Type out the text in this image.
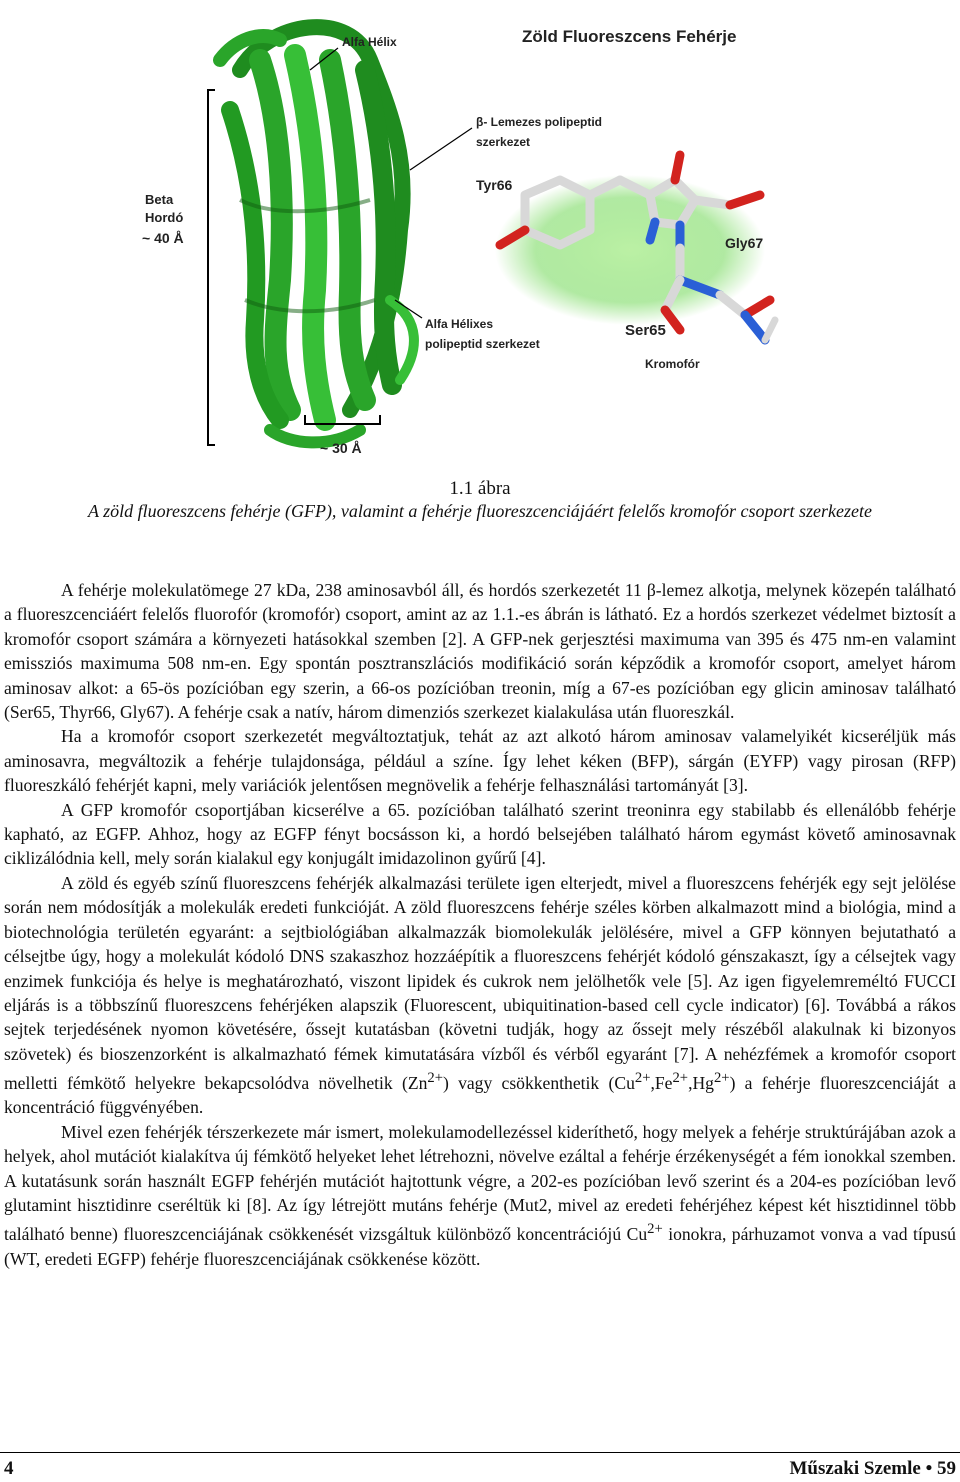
Zöld Fluoreszcens Fehérje
Alfa Hélix
β- Lemezes polipeptid
szerkezet
Beta
Hordó
~ 40 Å
Tyr66
Gly67
Ser65
Alfa Hélixes
polipeptid szerkezet
Kromofór
~ 30 Å
1.1 ábra
A zöld fluoreszcens fehérje (GFP), valamint a fehérje fluoreszcenciájáért felelős kromofór csoport szerkezete

A fehérje molekulatömege 27 kDa, 238 aminosavból áll, és hordós szerkezetét 11 β-lemez alkotja, melynek közepén található a fluoreszcenciáért felelős fluorofór (kromofór) csoport, amint az az 1.1.-es ábrán is látható. Ez a hordós szerkezet védelmet biztosít a kromofór csoport számára a környezeti hatásokkal szemben [2]. A GFP-nek gerjesztési maximuma van 395 és 475 nm-en valamint emissziós maximuma 508 nm-en. Egy spontán posztranszlációs modifikáció során képződik a kromofór csoport, amelyet három aminosav alkot: a 65-ös pozícióban egy szerin, a 66-os pozícióban treonin, míg a 67-es pozícióban egy glicin aminosav található (Ser65, Thyr66, Gly67). A fehérje csak a natív, három dimenziós szerkezet kialakulása után fluoreszkál.

Ha a kromofór csoport szerkezetét megváltoztatjuk, tehát az azt alkotó három aminosav valamelyikét kicseréljük más aminosavra, megváltozik a fehérje tulajdonsága, például a színe. Így lehet kéken (BFP), sárgán (EYFP) vagy pirosan (RFP) fluoreszkáló fehérjét kapni, mely variációk jelentősen megnövelik a fehérje felhasználási tartományát [3].

A GFP kromofór csoportjában kicserélve a 65. pozícióban található szerint treoninra egy stabilabb és ellenálóbb fehérje kapható, az EGFP. Ahhoz, hogy az EGFP fényt bocsásson ki, a hordó belsejében található három egymást követő aminosavnak ciklizálódnia kell, mely során kialakul egy konjugált imidazolinon gyűrű [4].

A zöld és egyéb színű fluoreszcens fehérjék alkalmazási területe igen elterjedt, mivel a fluoreszcens fehérjék egy sejt jelölése során nem módosítják a molekulák eredeti funkcióját. A zöld fluoreszcens fehérje széles körben alkalmazott mind a biológia, mind a biotechnológia területén egyaránt: a sejtbiológiában alkalmazzák biomolekulák jelölésére, mivel a GFP könnyen bejutatható a célsejtbe úgy, hogy a molekulát kódoló DNS szakaszhoz hozzáépítik a fluoreszcens fehérjét kódoló génszakaszt, így a célsejtek vagy enzimek funkciója és helye is meghatározható, viszont lipidek és cukrok nem jelölhetők vele [5]. Az igen figyelemreméltó FUCCI eljárás is a többszínű fluoreszcens fehérjéken alapszik (Fluorescent, ubiquitination-based cell cycle indicator) [6]. Továbbá a rákos sejtek terjedésének nyomon követésére, őssejt kutatásban (követni tudják, hogy az őssejt mely részéből alakulnak ki bizonyos szövetek) és bioszenzorként is alkalmazható fémek kimutatására vízből és vérből egyaránt [7]. A nehézfémek a kromofór csoport melletti fémkötő helyekre bekapcsolódva növelhetik $(Zn^{2+})$ vagy csökkenthetik $(Cu^{2+},Fe^{2+},Hg^{2+})$ a fehérje fluoreszcenciáját a koncentráció függvényében.

Mivel ezen fehérjék térszerkezete már ismert, molekulamodellezéssel kideríthető, hogy melyek a fehérje struktúrájában azok a helyek, ahol mutációt kialakítva új fémkötő helyeket lehet létrehozni, növelve ezáltal a fehérje érzékenységét a fém ionokkal szemben. A kutatásunk során használt EGFP fehérjén mutációt hajtottunk végre, a 202-es pozícióban levő szerint és a 204-es pozícióban levő glutamint hisztidinre cseréltük ki [8]. Az így létrejött mutáns fehérje (Mut2, mivel az eredeti fehérjéhez képest két hisztidinnel több található benne) fluoreszcenciájának csökkenését vizsgáltuk különböző koncentrációjú $Cu^{2+}$ ionokra, párhuzamot vonva a vad típusú (WT, eredeti EGFP) fehérje fluoreszcenciájának csökkenése között.

4	Műszaki Szemle • 59
